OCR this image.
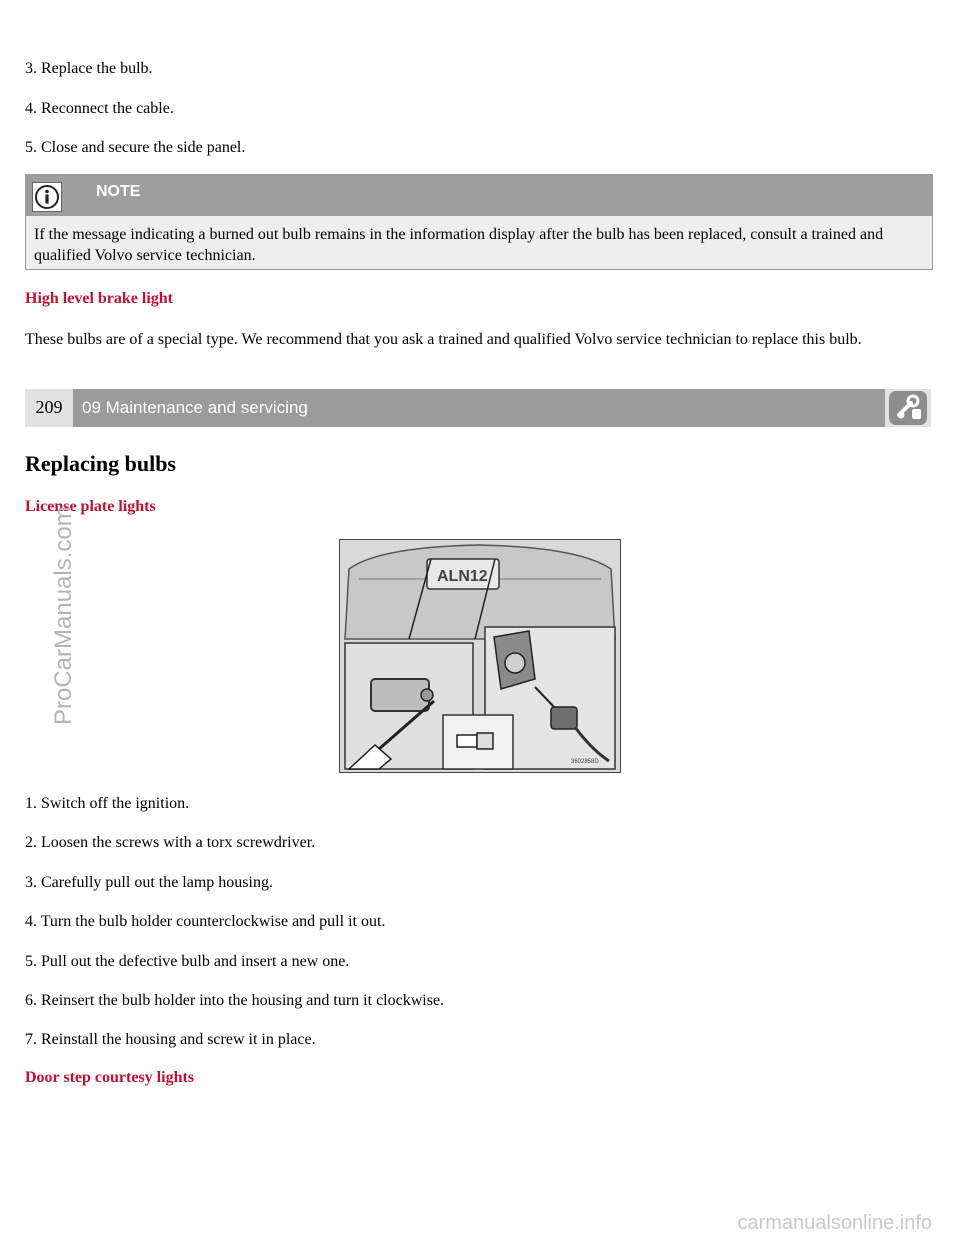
3. Replace the bulb.

4. Reconnect the cable.

5. Close and secure the side panel.

NOTE
If the message indicating a burned out bulb remains in the information display after the bulb has been replaced, consult a trained and qualified Volvo service technician.

High level brake light

These bulbs are of a special type. We recommend that you ask a trained and qualified Volvo service technician to replace this bulb.

209	09 Maintenance and servicing
Replacing bulbs

License plate lights

ProCarManuals.com	ALN12
3602858D

1. Switch off the ignition.

2. Loosen the screws with a torx screwdriver.

3. Carefully pull out the lamp housing.

4. Turn the bulb holder counterclockwise and pull it out.

5. Pull out the defective bulb and insert a new one.

6. Reinsert the bulb holder into the housing and turn it clockwise.

7. Reinstall the housing and screw it in place.

Door step courtesy lights

carmanualsonline.info
